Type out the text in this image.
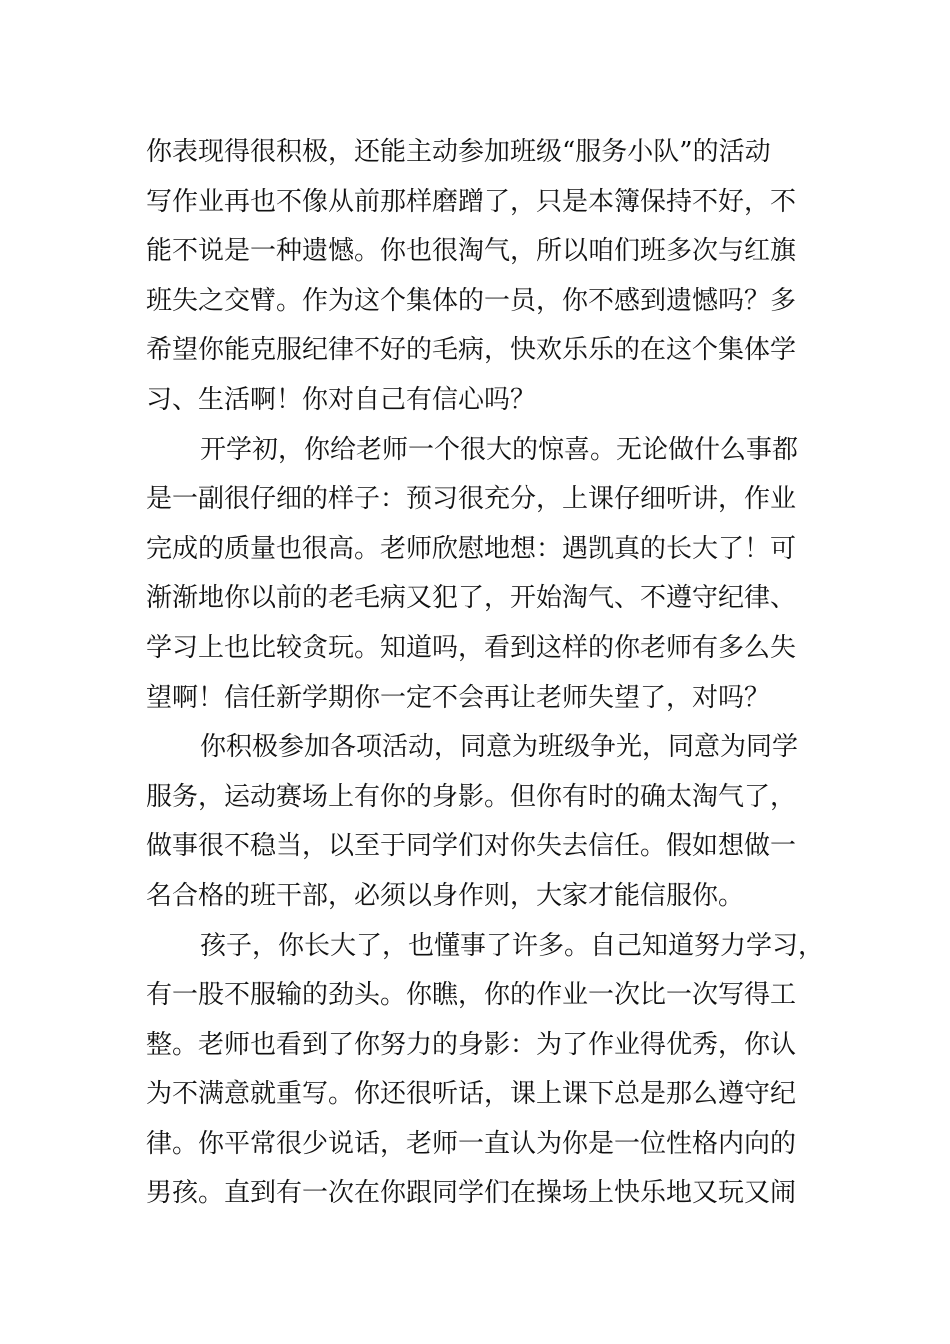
你表现得很积极，还能主动参加班级“服务小队”的活动
写作业再也不像从前那样磨蹭了，只是本簿保持不好，不
能不说是一种遗憾。你也很淘气，所以咱们班多次与红旗
班失之交臂。作为这个集体的一员，你不感到遗憾吗？多
希望你能克服纪律不好的毛病，快欢乐乐的在这个集体学
习、生活啊！你对自己有信心吗？
开学初，你给老师一个很大的惊喜。无论做什么事都
是一副很仔细的样子：预习很充分，上课仔细听讲，作业
完成的质量也很高。老师欣慰地想：遇凯真的长大了！可
渐渐地你以前的老毛病又犯了，开始淘气、不遵守纪律、
学习上也比较贪玩。知道吗，看到这样的你老师有多么失
望啊！信任新学期你一定不会再让老师失望了，对吗？
你积极参加各项活动，同意为班级争光，同意为同学
服务，运动赛场上有你的身影。但你有时的确太淘气了，
做事很不稳当，以至于同学们对你失去信任。假如想做一
名合格的班干部，必须以身作则，大家才能信服你。
孩子，你长大了，也懂事了许多。自己知道努力学习，
有一股不服输的劲头。你瞧，你的作业一次比一次写得工
整。老师也看到了你努力的身影：为了作业得优秀，你认
为不满意就重写。你还很听话，课上课下总是那么遵守纪
律。你平常很少说话，老师一直认为你是一位性格内向的
男孩。直到有一次在你跟同学们在操场上快乐地又玩又闹
